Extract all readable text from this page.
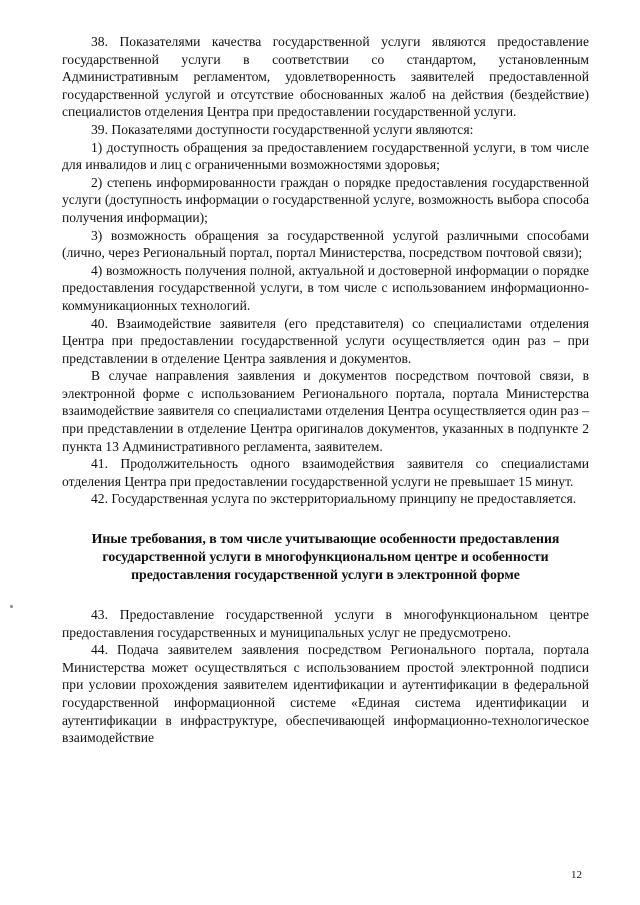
38. Показателями качества государственной услуги являются предоставление государственной услуги в соответствии со стандартом, установленным Административным регламентом, удовлетворенность заявителей предоставленной государственной услугой и отсутствие обоснованных жалоб на действия (бездействие) специалистов отделения Центра при предоставлении государственной услуги.

39. Показателями доступности государственной услуги являются:

1) доступность обращения за предоставлением государственной услуги, в том числе для инвалидов и лиц с ограниченными возможностями здоровья;

2) степень информированности граждан о порядке предоставления государственной услуги (доступность информации о государственной услуге, возможность выбора способа получения информации);

3) возможность обращения за государственной услугой различными способами (лично, через Региональный портал, портал Министерства, посредством почтовой связи);

4) возможность получения полной, актуальной и достоверной информации о порядке предоставления государственной услуги, в том числе с использованием информационно-коммуникационных технологий.

40. Взаимодействие заявителя (его представителя) со специалистами отделения Центра при предоставлении государственной услуги осуществляется один раз – при представлении в отделение Центра заявления и документов.

В случае направления заявления и документов посредством почтовой связи, в электронной форме с использованием Регионального портала, портала Министерства взаимодействие заявителя со специалистами отделения Центра осуществляется один раз – при представлении в отделение Центра оригиналов документов, указанных в подпункте 2 пункта 13 Административного регламента, заявителем.

41. Продолжительность одного взаимодействия заявителя со специалистами отделения Центра при предоставлении государственной услуги не превышает 15 минут.

42. Государственная услуга по экстерриториальному принципу не предоставляется.

Иные требования, в том числе учитывающие особенности предоставления государственной услуги в многофункциональном центре и особенности предоставления государственной услуги в электронной форме

43. Предоставление государственной услуги в многофункциональном центре предоставления государственных и муниципальных услуг не предусмотрено.

44. Подача заявителем заявления посредством Регионального портала, портала Министерства может осуществляться с использованием простой электронной подписи при условии прохождения заявителем идентификации и аутентификации в федеральной государственной информационной системе «Единая система идентификации и аутентификации в инфраструктуре, обеспечивающей информационно-технологическое взаимодействие

12
